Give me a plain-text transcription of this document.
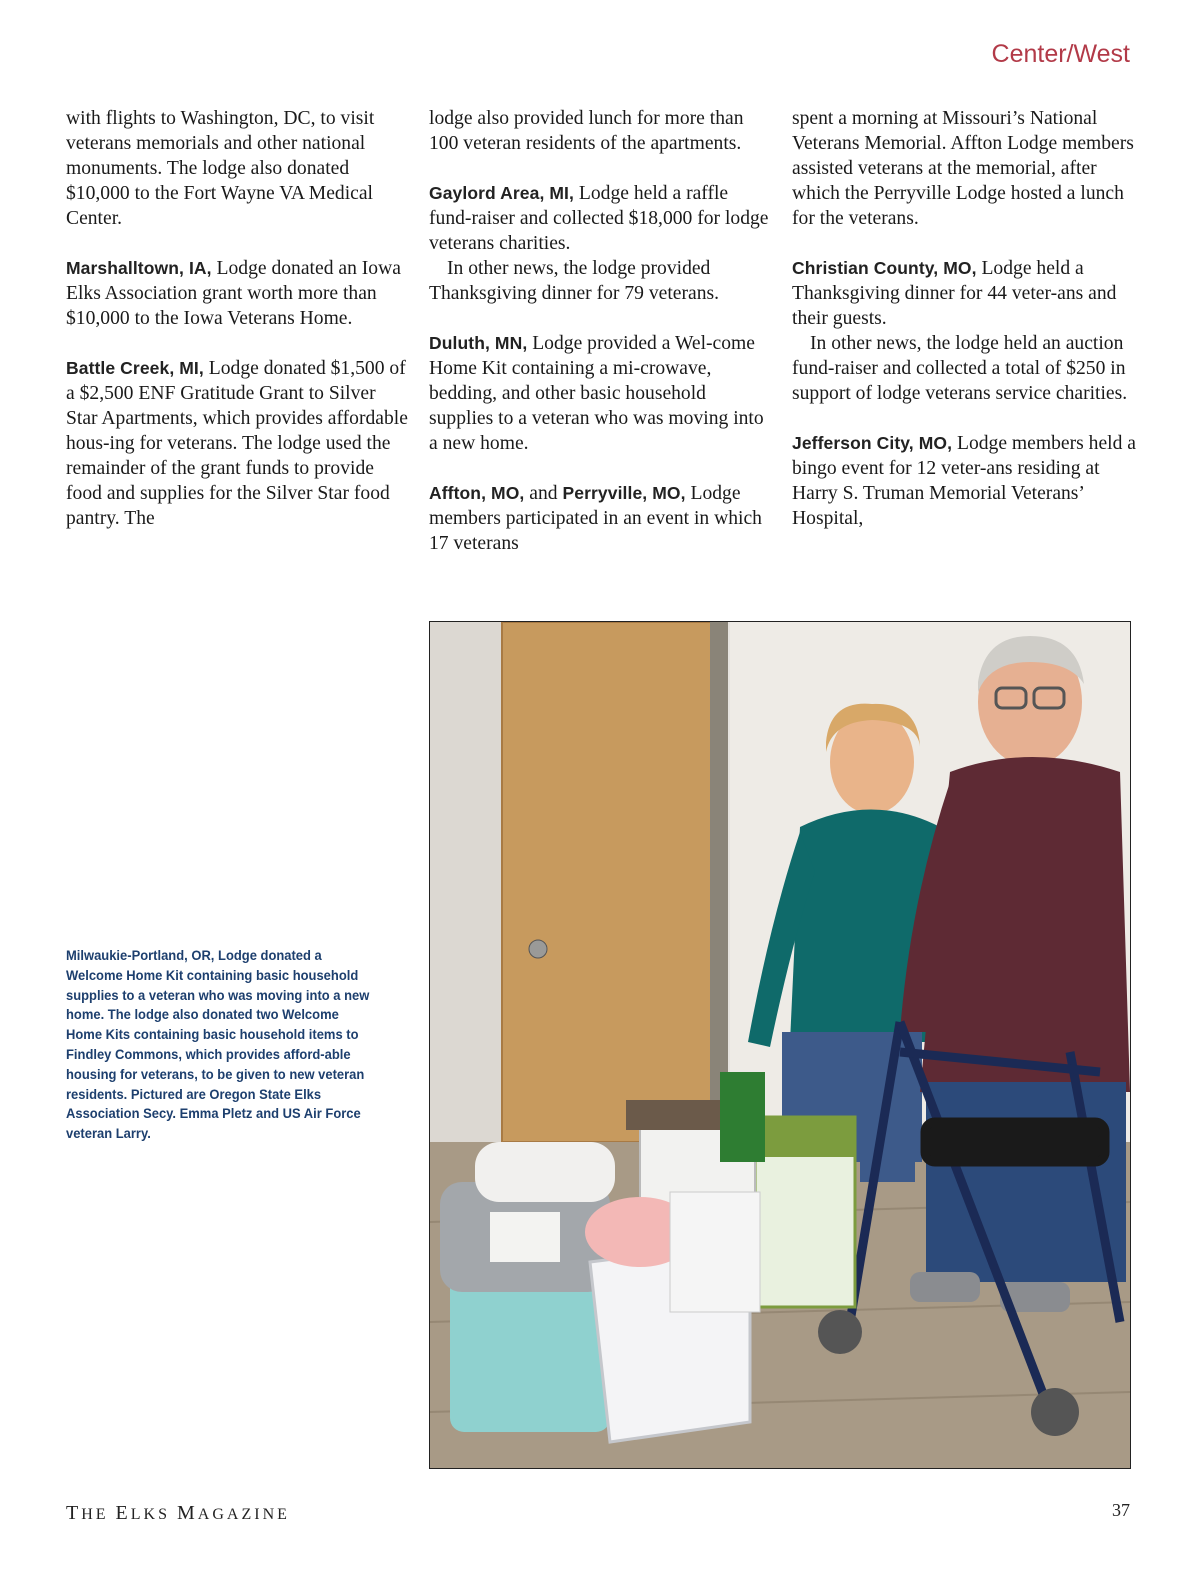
Center/West

with flights to Washington, DC, to visit veterans memorials and other national monuments. The lodge also donated $10,000 to the Fort Wayne VA Medical Center.

Marshalltown, IA, Lodge donated an Iowa Elks Association grant worth more than $10,000 to the Iowa Veterans Home.

Battle Creek, MI, Lodge donated $1,500 of a $2,500 ENF Gratitude Grant to Silver Star Apartments, which provides affordable hous-ing for veterans. The lodge used the remainder of the grant funds to provide food and supplies for the Silver Star food pantry. The

lodge also provided lunch for more than 100 veteran residents of the apartments.

Gaylord Area, MI, Lodge held a raffle fund-raiser and collected $18,000 for lodge veterans charities.

In other news, the lodge provided Thanksgiving dinner for 79 veterans.

Duluth, MN, Lodge provided a Wel-come Home Kit containing a mi-crowave, bedding, and other basic household supplies to a veteran who was moving into a new home.

Affton, MO, and Perryville, MO, Lodge members participated in an event in which 17 veterans

spent a morning at Missouri’s National Veterans Memorial. Affton Lodge members assisted veterans at the memorial, after which the Perryville Lodge hosted a lunch for the veterans.

Christian County, MO, Lodge held a Thanksgiving dinner for 44 veter-ans and their guests.

In other news, the lodge held an auction fund-raiser and collected a total of $250 in support of lodge veterans service charities.

Jefferson City, MO, Lodge members held a bingo event for 12 veter-ans residing at Harry S. Truman Memorial Veterans’ Hospital,

Milwaukie-Portland, OR, Lodge donated a Welcome Home Kit containing basic household supplies to a veteran who was moving into a new home. The lodge also donated two Welcome Home Kits containing basic household items to Findley Commons, which provides afford-able housing for veterans, to be given to new veteran residents. Pictured are Oregon State Elks Association Secy. Emma Pletz and US Air Force veteran Larry.
THE ELKS MAGAZINE	37
